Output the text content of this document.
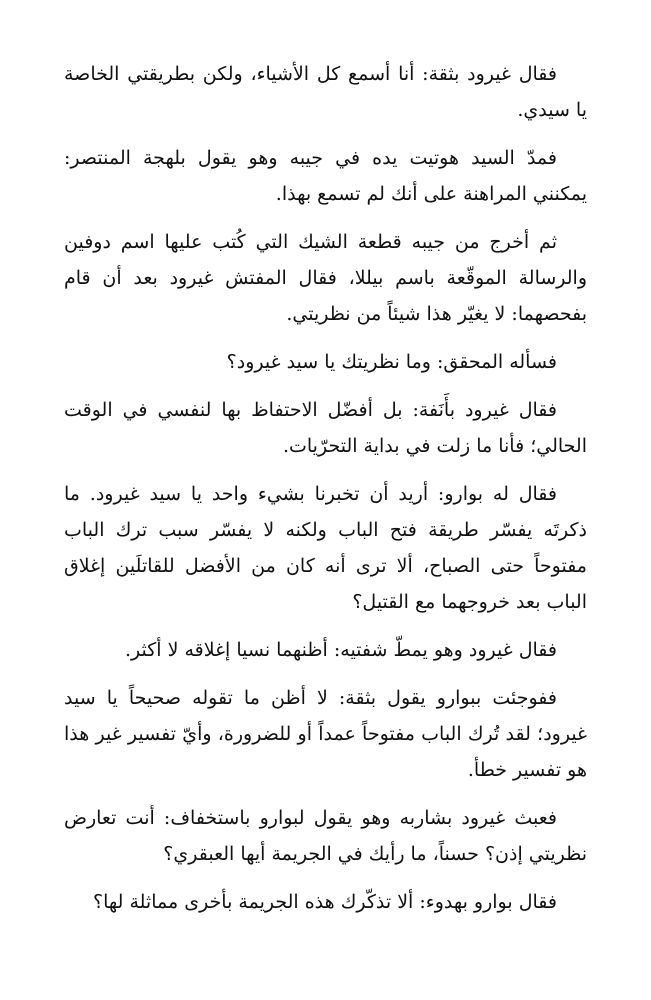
فقال غيرود بثقة: أنا أسمع كل الأشياء، ولكن بطريقتي الخاصة يا سيدي.

فمدّ السيد هوتيت يده في جيبه وهو يقول بلهجة المنتصر: يمكنني المراهنة على أنك لم تسمع بهذا.

ثم أخرج من جيبه قطعة الشيك التي كُتب عليها اسم دوفين والرسالة الموقّعة باسم بيللا، فقال المفتش غيرود بعد أن قام بفحصهما: لا يغيّر هذا شيئاً من نظريتي.

فسأله المحقق: وما نظريتك يا سيد غيرود؟

فقال غيرود بأَنَفة: بل أفضّل الاحتفاظ بها لنفسي في الوقت الحالي؛ فأنا ما زلت في بداية التحرّيات.

فقال له بوارو: أريد أن تخبرنا بشيء واحد يا سيد غيرود. ما ذكرتَه يفسّر طريقة فتح الباب ولكنه لا يفسّر سبب ترك الباب مفتوحاً حتى الصباح، ألا ترى أنه كان من الأفضل للقاتلَين إغلاق الباب بعد خروجهما مع القتيل؟

فقال غيرود وهو يمطّ شفتيه: أظنهما نسيا إغلاقه لا أكثر.

ففوجئت ببوارو يقول بثقة: لا أظن ما تقوله صحيحاً يا سيد غيرود؛ لقد تُرك الباب مفتوحاً عمداً أو للضرورة، وأيّ تفسير غير هذا هو تفسير خطأ.

فعبث غيرود بشاربه وهو يقول لبوارو باستخفاف: أنت تعارض نظريتي إذن؟ حسناً، ما رأيك في الجريمة أيها العبقري؟

فقال بوارو بهدوء: ألا تذكّرك هذه الجريمة بأخرى مماثلة لها؟
